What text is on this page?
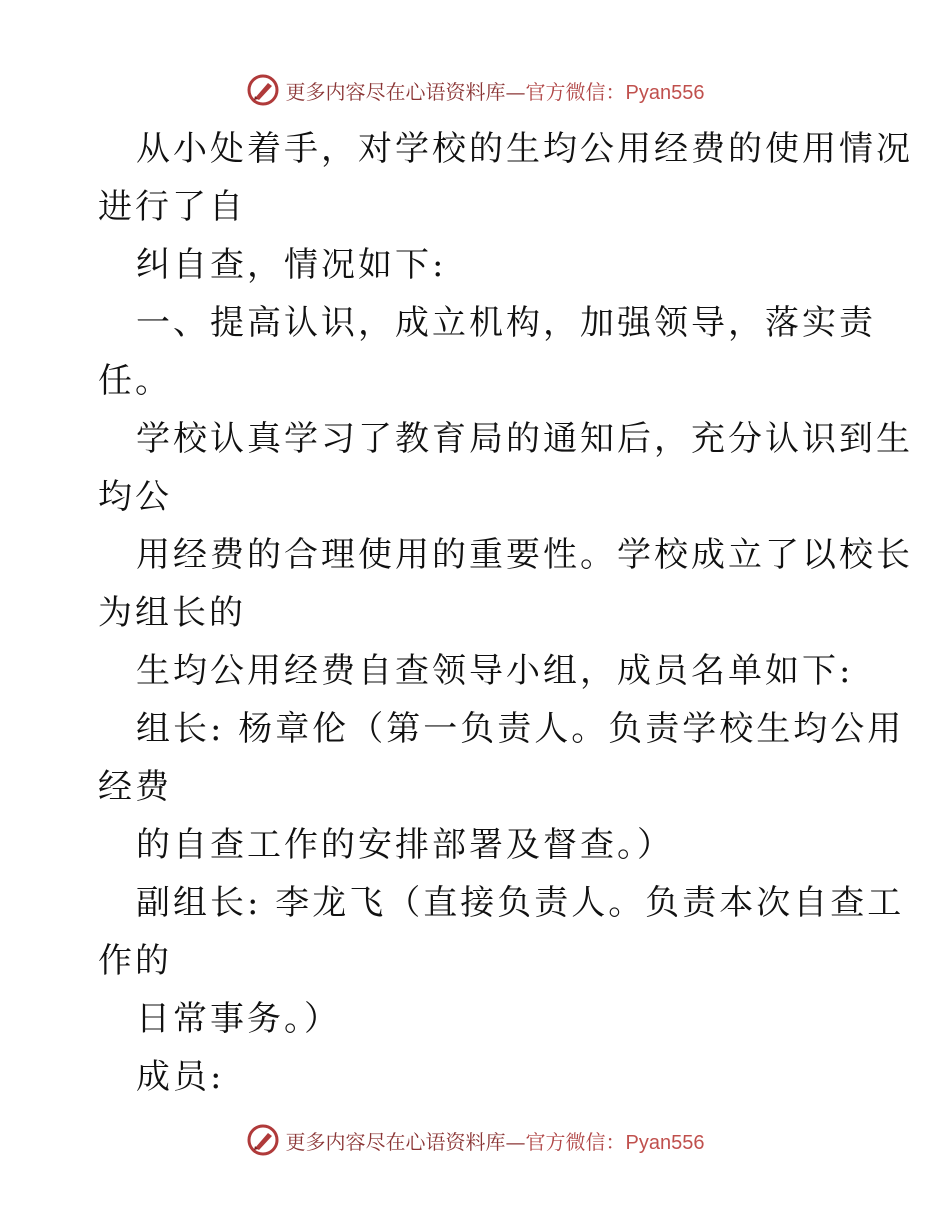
更多内容尽在心语资料库—官方微信：Pyan556
从小处着手，对学校的生均公用经费的使用情况
进行了自
纠自查，情况如下:
一、提高认识，成立机构，加强领导，落实责
任。
学校认真学习了教育局的通知后，充分认识到生
均公
用经费的合理使用的重要性。学校成立了以校长
为组长的
生均公用经费自查领导小组，成员名单如下:
组长: 杨章伦（第一负责人。负责学校生均公用
经费
的自查工作的安排部署及督查。）
副组长: 李龙飞（直接负责人。负责本次自查工
作的
日常事务。）
成员:
更多内容尽在心语资料库—官方微信：Pyan556
